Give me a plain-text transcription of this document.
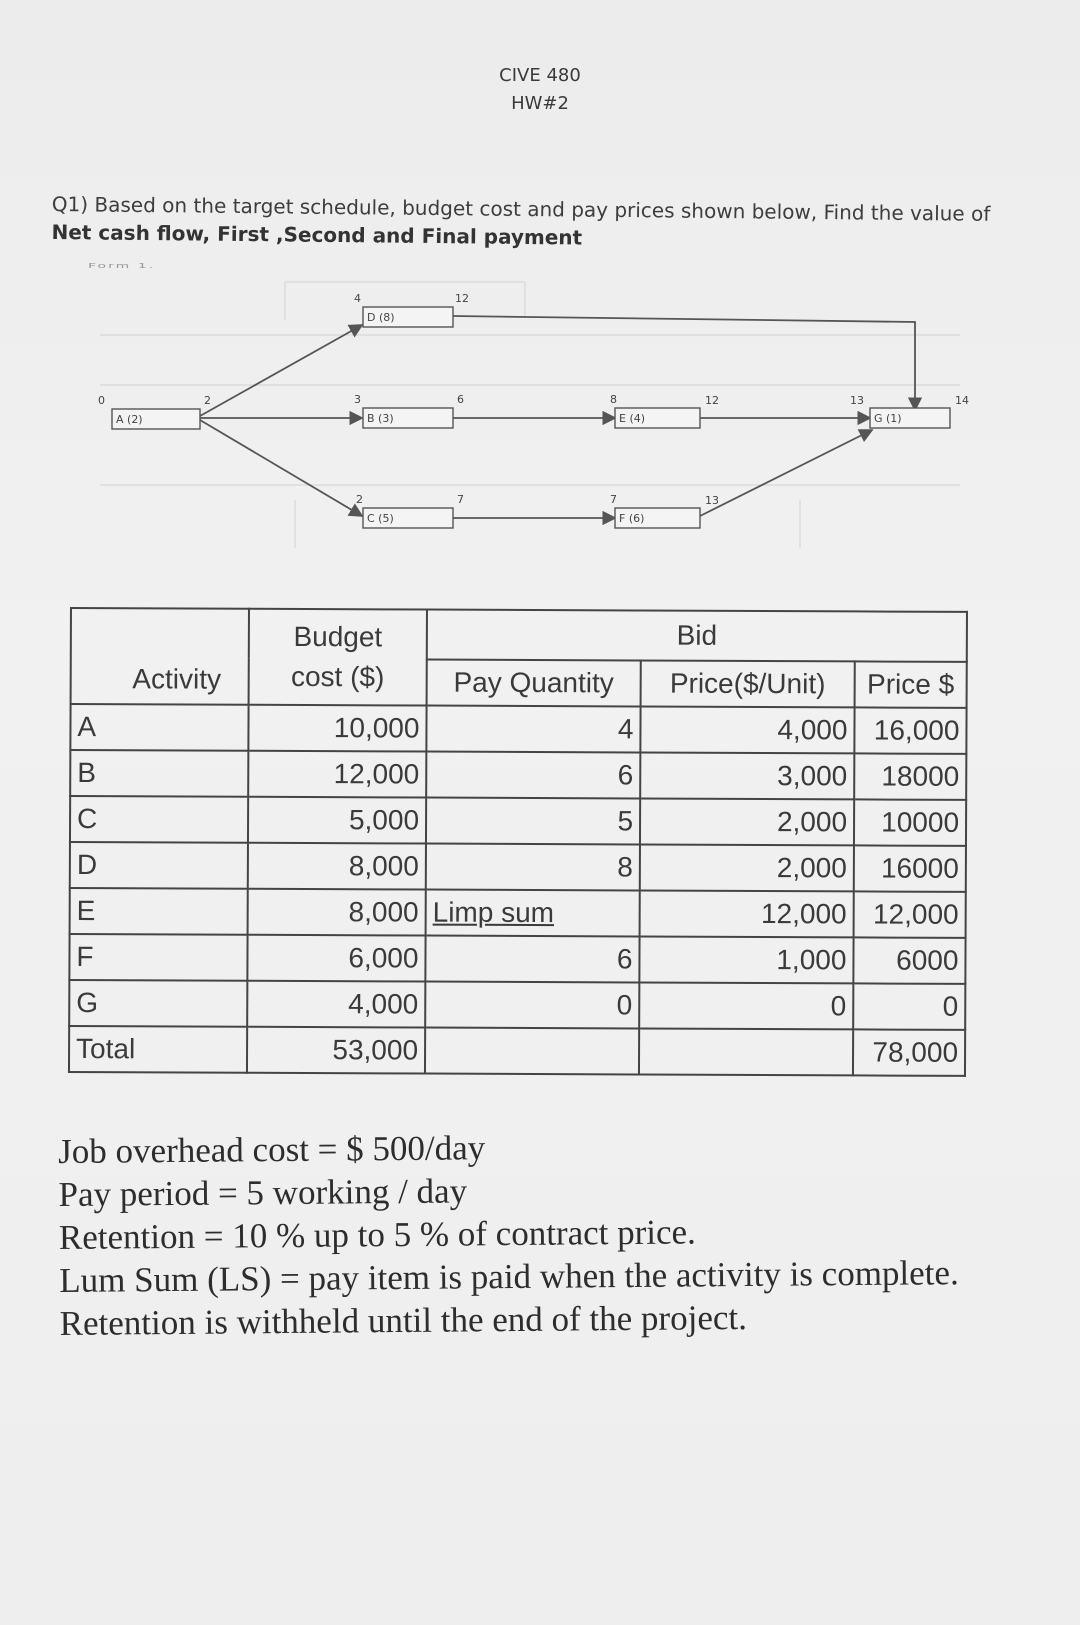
CIVE 480
HW#2
Q1) Based on the target schedule, budget cost and pay prices shown below, Find the value of Net cash flow, First ,Second and Final payment
Form 1.
A (2)
0	2
D (8)
4	12
B (3)
3	6
E (4)
8	12
G (1)
13	14
C (5)
2	7
F (6)
7	13
Activity	Budget cost ($)	Bid		
		Pay Quantity	Price($/Unit)	Price $
A	10,000	4	4,000	16,000
B	12,000	6	3,000	18000
C	5,000	5	2,000	10000
D	8,000	8	2,000	16000
E	8,000	Limp sum	12,000	12,000
F	6,000	6	1,000	6000
G	4,000	0	0	0
Total	53,000			78,000
Job overhead cost = $ 500/day
Pay period = 5 working / day
Retention = 10 % up to 5 % of contract price.
Lum Sum (LS) = pay item is paid when the activity is complete.
Retention is withheld until the end of the project.
